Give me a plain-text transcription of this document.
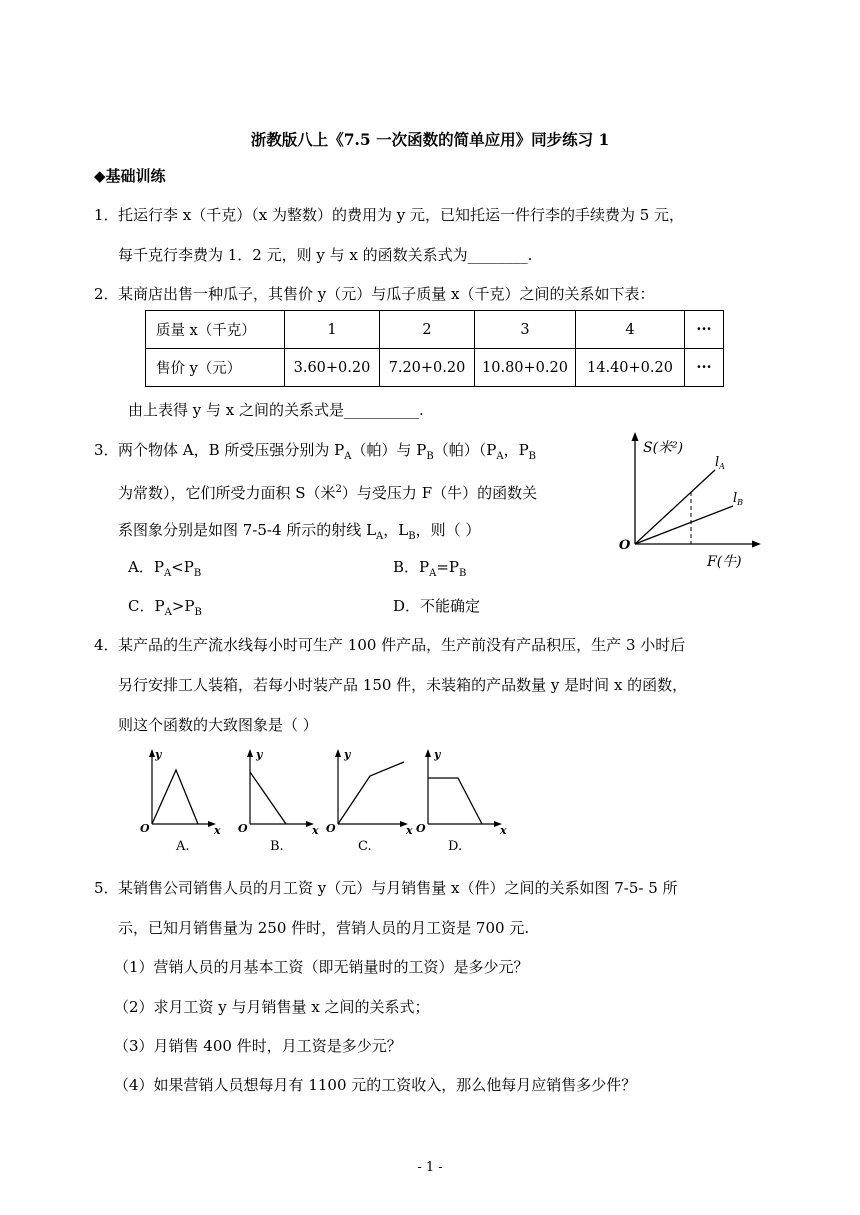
浙教版八上《7.5 一次函数的简单应用》同步练习 1
◆基础训练
1． 托运行李 x（千克）（x 为整数）的费用为 y 元，已知托运一件行李的手续费为 5 元，
每千克行李费为 1．2 元，则 y 与 x 的函数关系式为________.
2． 某商店出售一种瓜子，其售价 y（元）与瓜子质量 x（千克）之间的关系如下表：
质量 x（千克）	1	2	3	4	···
售价 y（元）	3.60+0.20	7.20+0.20	10.80+0.20	14.40+0.20	···
由上表得 y 与 x 之间的关系式是__________.
3． 两个物体 A，B 所受压强分别为 $P_A$（帕）与 $P_B$（帕）（$P_A$，$P_B$
为常数），它们所受力面积 S（米$^2$）与受压力 F（牛）的函数关
系图象分别是如图 7-5-4 所示的射线 $L_A$，$L_B$，则（ ）
A．$P_A<P_B$	B．$P_A=P_B$
C．$P_A>P_B$	D．不能确定
S(米²)
F(牛)
O
$l_A$
$l_B$
4． 某产品的生产流水线每小时可生产 100 件产品，生产前没有产品积压，生产 3 小时后
另行安排工人装箱，若每小时装产品 150 件，未装箱的产品数量 y 是时间 x 的函数，
则这个函数的大致图象是（ ）
y
O	x
A.
y
O	x
B.
y
O	x
C.
y
O	x
D.
5． 某销售公司销售人员的月工资 y（元）与月销售量 x（件）之间的关系如图 7-5- 5 所
示，已知月销售量为 250 件时，营销人员的月工资是 700 元.
（1）营销人员的月基本工资（即无销量时的工资）是多少元？
（2）求月工资 y 与月销售量 x 之间的关系式；
（3）月销售 400 件时，月工资是多少元？
（4）如果营销人员想每月有 1100 元的工资收入，那么他每月应销售多少件？
- 1 -
